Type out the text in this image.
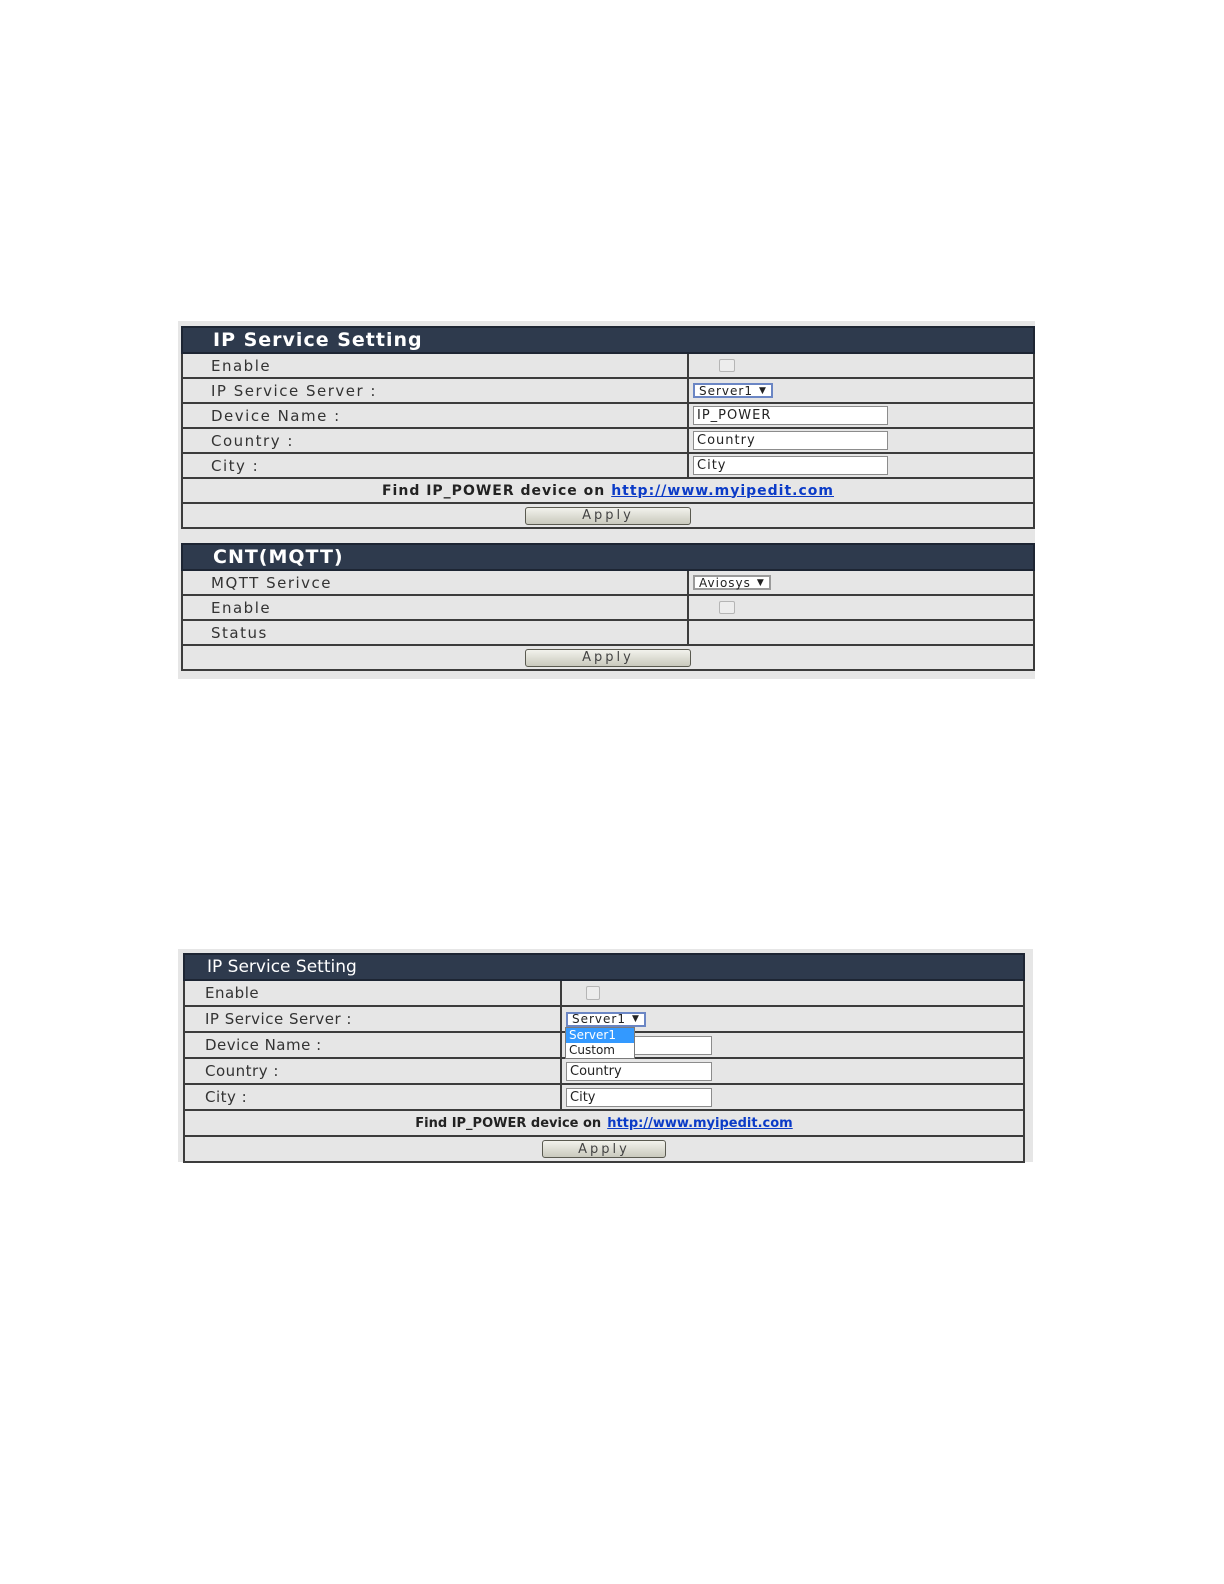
IP Service Setting
Enable
IP Service Server :	Server1 ▼
Device Name :	IP_POWER
Country :	Country
City :	City
Find IP_POWER device on http://www.myipedit.com
Apply
CNT(MQTT)
MQTT Serivce	Aviosys ▼
Enable
Status
Apply
IP Service Setting
Enable
IP Service Server :	Server1 ▼
Server1
Custom
Device Name :
Country :	Country
City :	City
Find IP_POWER device on http://www.myipedit.com
Apply
